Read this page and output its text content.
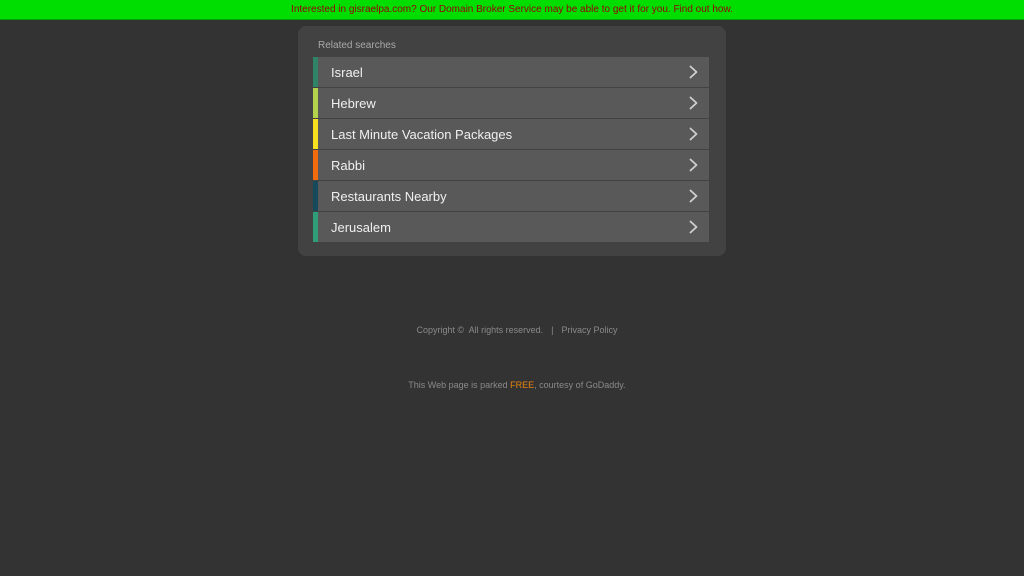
Interested in gisraelpa.com? Our Domain Broker Service may be able to get it for you. Find out how.
Related searches
Israel
Hebrew
Last Minute Vacation Packages
Rabbi
Restaurants Nearby
Jerusalem

Copyright ©  All rights reserved. | Privacy Policy

This Web page is parked FREE, courtesy of GoDaddy.
